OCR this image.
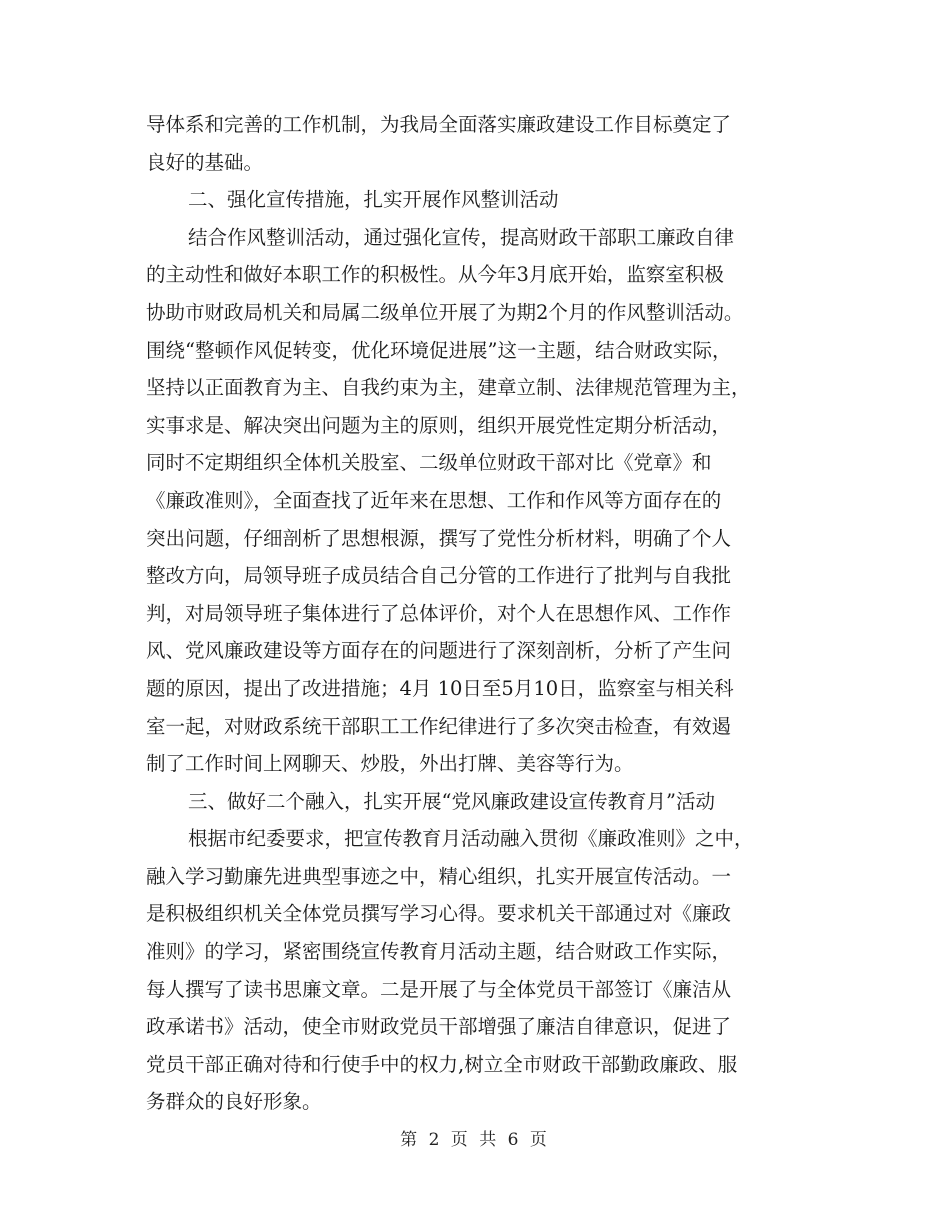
导体系和完善的工作机制，为我局全面落实廉政建设工作目标奠定了
良好的基础。
二、强化宣传措施，扎实开展作风整训活动
结合作风整训活动，通过强化宣传，提高财政干部职工廉政自律
的主动性和做好本职工作的积极性。从今年3月底开始，监察室积极
协助市财政局机关和局属二级单位开展了为期2个月的作风整训活动。
围绕“整顿作风促转变，优化环境促进展”这一主题，结合财政实际，
坚持以正面教育为主、自我约束为主，建章立制、法律规范管理为主，
实事求是、解决突出问题为主的原则，组织开展党性定期分析活动，
同时不定期组织全体机关股室、二级单位财政干部对比《党章》和
《廉政准则》，全面查找了近年来在思想、工作和作风等方面存在的
突出问题，仔细剖析了思想根源，撰写了党性分析材料，明确了个人
整改方向，局领导班子成员结合自己分管的工作进行了批判与自我批
判，对局领导班子集体进行了总体评价，对个人在思想作风、工作作
风、党风廉政建设等方面存在的问题进行了深刻剖析，分析了产生问
题的原因，提出了改进措施；4月 10日至5月10日，监察室与相关科
室一起，对财政系统干部职工工作纪律进行了多次突击检查，有效遏
制了工作时间上网聊天、炒股，外出打牌、美容等行为。
三、做好二个融入，扎实开展“党风廉政建设宣传教育月”活动
根据市纪委要求，把宣传教育月活动融入贯彻《廉政准则》之中，
融入学习勤廉先进典型事迹之中，精心组织，扎实开展宣传活动。一
是积极组织机关全体党员撰写学习心得。要求机关干部通过对《廉政
准则》的学习，紧密围绕宣传教育月活动主题，结合财政工作实际，
每人撰写了读书思廉文章。二是开展了与全体党员干部签订《廉洁从
政承诺书》活动，使全市财政党员干部增强了廉洁自律意识，促进了
党员干部正确对待和行使手中的权力,树立全市财政干部勤政廉政、服
务群众的良好形象。
第 2 页 共 6 页
